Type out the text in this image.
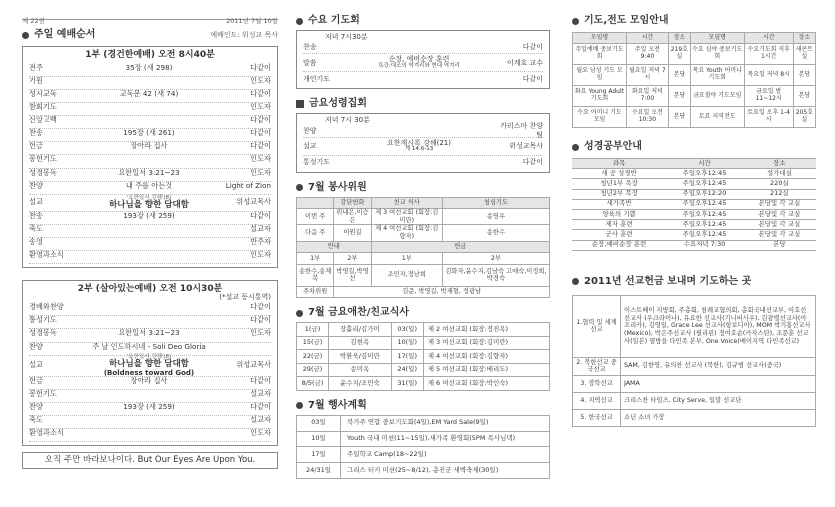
제 22권	2011년 7월 10일
주일 예배순서	예배인도: 위성교 목사
1부 (경건한예배) 오전 8시40분
전주	35장 (새 298)	다같이
기원	인도자
성시교독	교독문 42 (새 74)	다같이
참회기도	인도자
신앙고백	다같이
찬송	195장 (새 261)	다같이
헌금	장아라 집사	다같이
봉헌기도	인도자
성경봉독	요한일서 3:21~23	인도자
찬양	내 주를 아는것	Light of Zion
설교	'요한일서 강해'(8)
하나님을 향한 담대함	위성교목사
찬송	193장 (새 259)	다같이
축도	설교자
송영	반주자
환영과소식	인도자
2부 (살아있는예배) 오전 10시30분
(*설교 동시통역)
경배와찬양	다같이
통성기도	다같이
성경봉독	요한일서 3:21~23	인도자
찬양	주 날 인도하시네 - Soli Deo Gloria
설교
'요한일서 강해'(8)
하나님을 향한 담대함
(Boldness toward God)
위성교목사
헌금	장아라 집사	다같이
봉헌기도	설교자
찬양	193장 (새 259)	다같이
축도	설교자
환영과소식	인도자
오직 주만 바라보나이다. But Our Eyes Are Upon You.
수요 기도회
저녁 7시30분
찬송	다같이
말씀	순장, 예비순장 훈련
특강:대조의 역겨리와 현대 역겨리	이계호 교수
개인기도	다같이
금요성령집회
저녁 7시 30분
찬양
카리스마 찬양팀
설교	요한계시록 강해(21)
계 14:6-13	위성교목사
통성기도	다같이
7월 봉사위원
	강단헌화	친교 식사	청심기도
이번 주	위내은,이승은	제 3 여선교회 (회장:김미란)	송영우
다음 주	이원길	제 4 여선교회 (회장:김향자)	송한수
안내		헌금	
1부	2부	1부	2부
송한수,송재복	박영길,박영선	조민자,정난희	김화자,윤수지,김남숙 고애숙,이정희,박경숙
주차위원	김준, 박영길, 박재형, 정광남		
7월 금요애찬/친교식사
1(금)	장홀리/김가미	03(일)	제 2 여선교회 (회장:정진옥)
15(금)	김현옥	10(일)	제 3 여선교회 (회장:김미란)
22(금)	박환욱/김미란	17(일)	제 4 여선교회 (회장:김향자)
29(금)	송미옥	24(일)	제 5 여선교회 (회장:배리도)
8/5(금)	윤수지/조민숙	31(일)	제 6 여선교회 (회장:박인숙)
7월 행사계획
03일	북가주 연합 중보기도회(4일),EM Yard Sale(9일)
10일	Youth 국내 미션(11~15일),새가족 환영회(5PM 목사님댁)
17일	주일학교 Camp(18~22일)
24/31일	그리스 터키 미션(25~8/12), 총진군 새벽축제(30일)
기도,전도 모임안내
모임명	시간	장소	모임명	시간	장소
주일예배 중보기도회	주일 오전 9:40	219호실	수요 심야 중보기도회	수요기도회 직후 1시간	새콘트실
월요 남성 기도 모임	월요일 저녁 7시	본당	목요 Youth 어머니 기도회	목요일 저녁 8시	본당
화요 Young Adult 기도회	화요일 저녁7:00	본당	금요철야 기도모임	금요일 밤 11~12시	본당
수요 어머니 기도 모임	수요일 오전 10:30	본당	토요 지역전도	토요일 오후 1-4시	205호실
성경공부안내
과목	시간	장소
새 공 성경반	주일오후12:45	성가대실
청년1부 목장	주일오후12:45	220실
청년2부 목장	주일오후12:20	212실
새가족반	주일오후12:45	본당및 각 교실
양육의 기쁨	주일오후12:45	본당및 각 교실
제자 훈련	주일오후12:45	본당및 각 교실
군사 훈련	주일오후12:45	본당및 각 교실
순장,예비순장 훈련	수요저녁 7:30	본당
2011년 선교헌금 보내며 기도하는 곳
1.협력 및 세계선교	이스트베이 지방회, 주총회, 침례교협의회, 총회국내선교부, 이호선선교사 (우크라이나), 유요한 선교사(기니비사우), 김광렬선교사(아프리카), 김영일, Grace Lee 선교사(항보디아), MOM 박기홍선교사(Mexico), 박은주선교사 (필리핀) 정여호순(카자스탄), 조문훈 선교사(일본) 열방을 다민족 본부, One Voice(베이지역 다민족선교)
2. 북한선교 중국선교	SAM, 김한영, 유의찬 선교사 (북한), 김규범 선교사(중국)
3. 장학선교	JAMA
4. 지역선교	크리스찬 타임즈, City Serve, 일말 선교단
5. 한국선교	소년 소녀 가장
